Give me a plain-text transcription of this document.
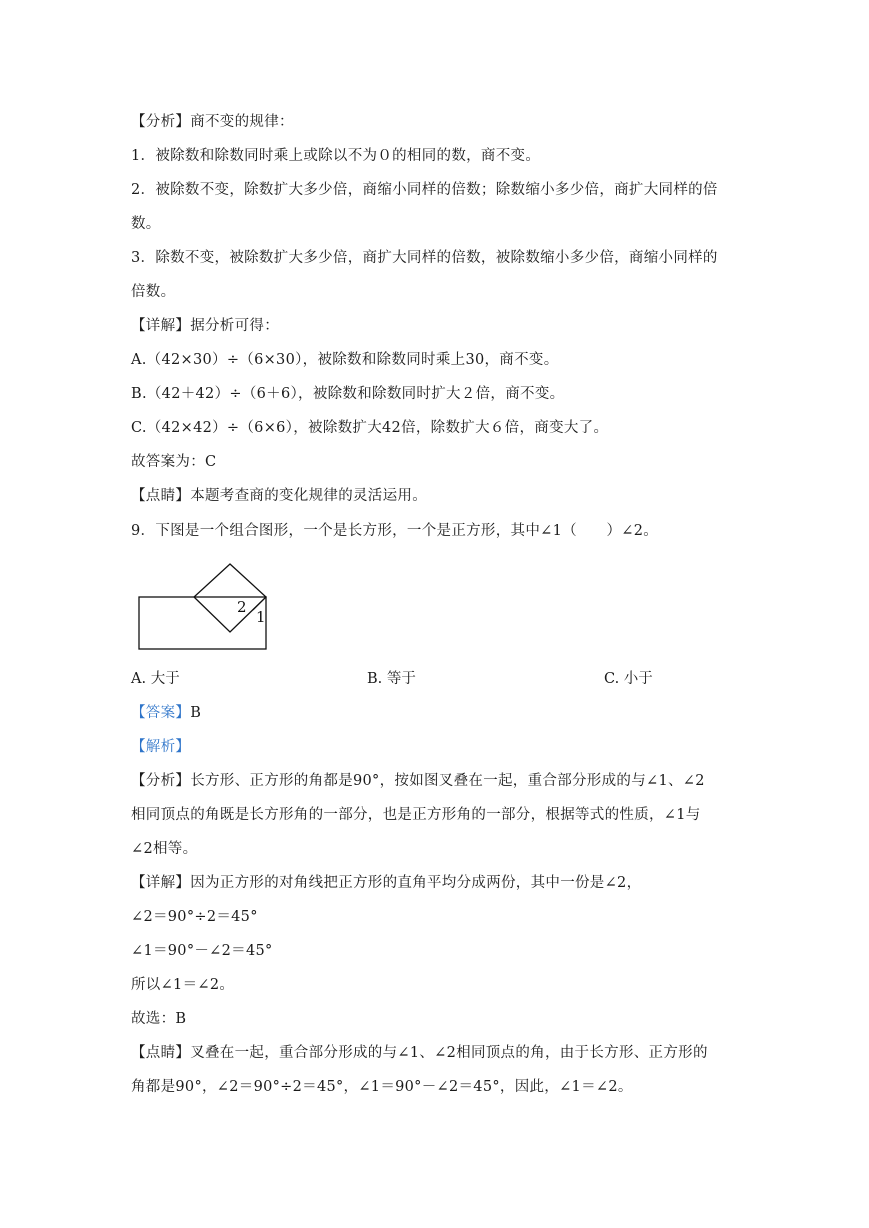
【分析】商不变的规律：
1．被除数和除数同时乘上或除以不为０的相同的数，商不变。
2．被除数不变，除数扩大多少倍，商缩小同样的倍数；除数缩小多少倍，商扩大同样的倍
数。
3．除数不变，被除数扩大多少倍，商扩大同样的倍数，被除数缩小多少倍，商缩小同样的
倍数。
【详解】据分析可得：
A.（42×30）÷（6×30），被除数和除数同时乘上30，商不变。
B.（42＋42）÷（6＋6），被除数和除数同时扩大２倍，商不变。
C.（42×42）÷（6×6），被除数扩大42倍，除数扩大６倍，商变大了。
故答案为：C
【点睛】本题考查商的变化规律的灵活运用。
9．下图是一个组合图形，一个是长方形，一个是正方形，其中∠1（　　）∠2。
2
1
A. 大于	B. 等于	C. 小于
【答案】B
【解析】
【分析】长方形、正方形的角都是90°，按如图叉叠在一起，重合部分形成的与∠1、∠2
相同顶点的角既是长方形角的一部分，也是正方形角的一部分，根据等式的性质，∠1与
∠2相等。
【详解】因为正方形的对角线把正方形的直角平均分成两份，其中一份是∠2，
∠2＝90°÷2＝45°
∠1＝90°－∠2＝45°
所以∠1＝∠2。
故选：B
【点睛】叉叠在一起，重合部分形成的与∠1、∠2相同顶点的角，由于长方形、正方形的
角都是90°，∠2＝90°÷2＝45°，∠1＝90°－∠2＝45°，因此，∠1＝∠2。
